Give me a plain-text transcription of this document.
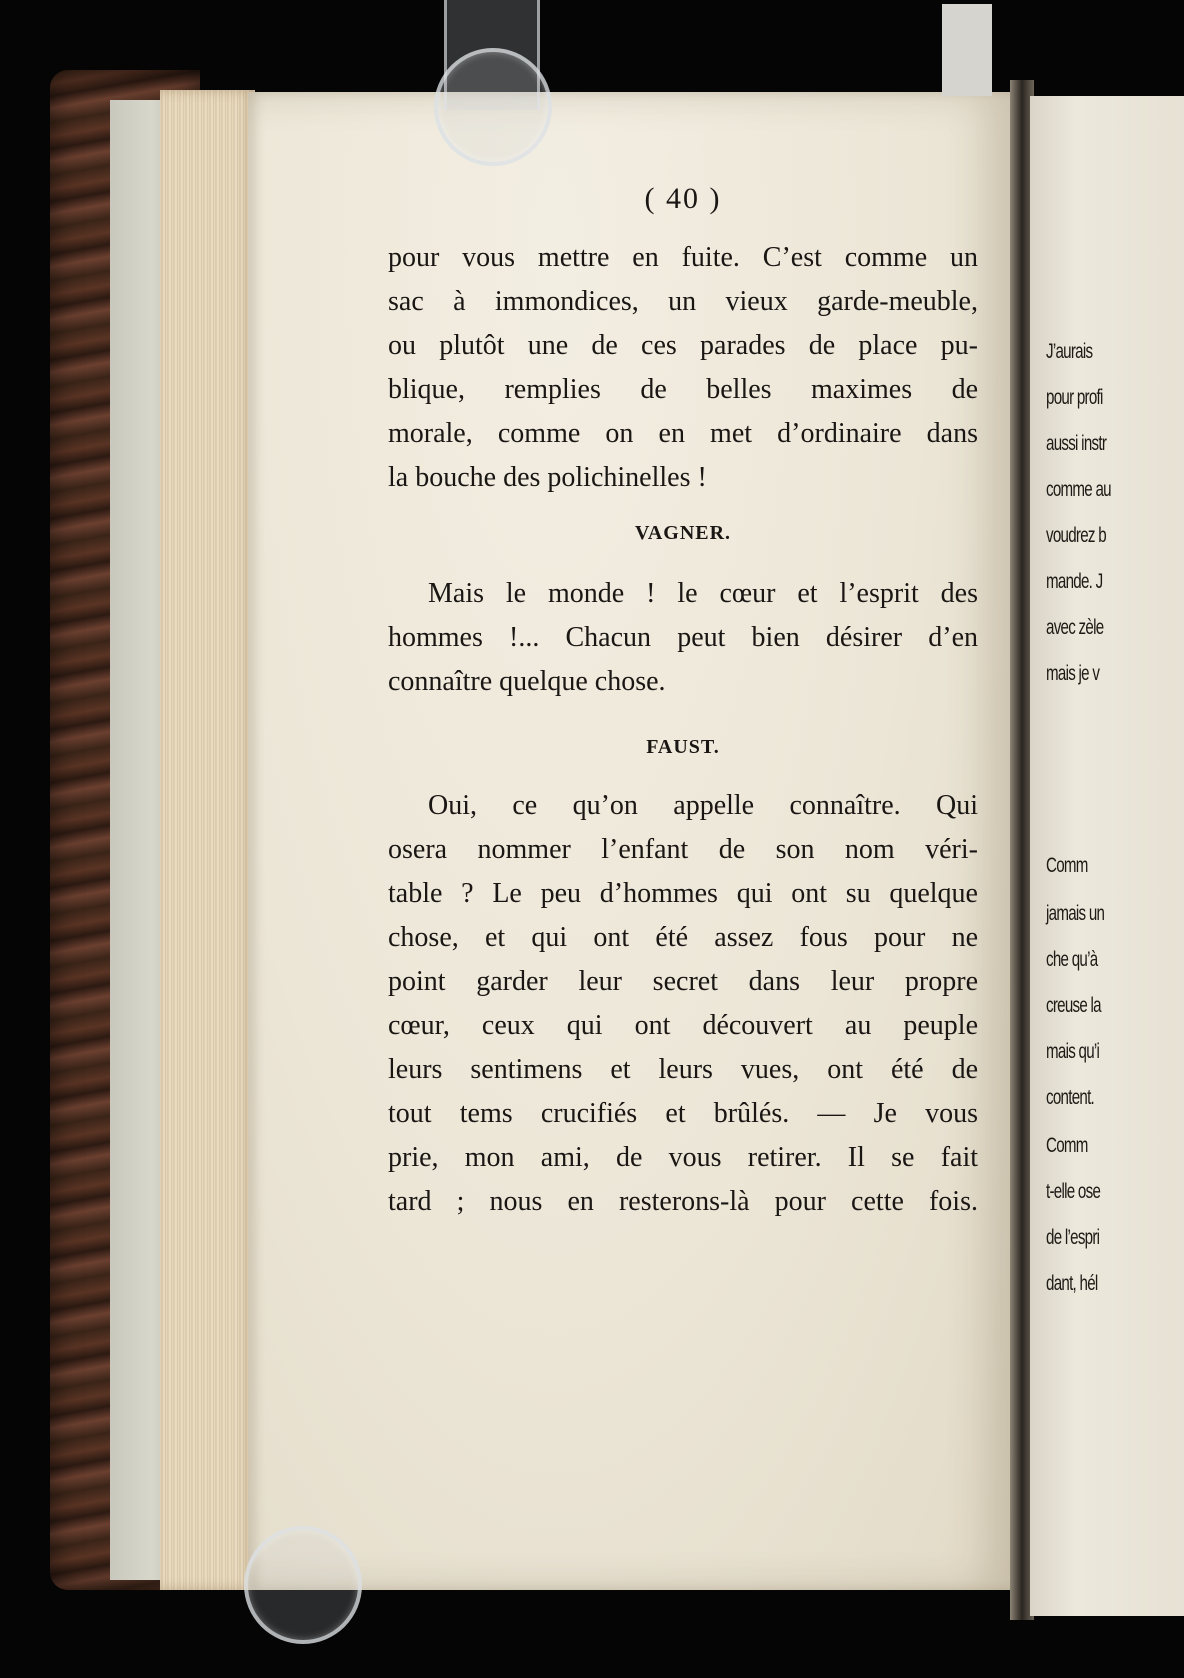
J’aurais
pour profi
aussi instr
comme au
voudrez b
mande. J
avec zèle
mais je v
Comm
jamais un
che qu’à
creuse la
mais qu’i
content.
Comm
t-elle ose
de l’espri
dant, hél
( 40 )
pour vous mettre en fuite. C’est comme un
sac à immondices, un vieux garde-meuble,
ou plutôt une de ces parades de place pu-
blique, remplies de belles maximes de
morale, comme on en met d’ordinaire dans
la bouche des polichinelles !
VAGNER.
Mais le monde ! le cœur et l’esprit des
hommes !... Chacun peut bien désirer d’en
connaître quelque chose.
FAUST.
Oui, ce qu’on appelle connaître. Qui
osera nommer l’enfant de son nom véri-
table ? Le peu d’hommes qui ont su quelque
chose, et qui ont été assez fous pour ne
point garder leur secret dans leur propre
cœur, ceux qui ont découvert au peuple
leurs sentimens et leurs vues, ont été de
tout tems crucifiés et brûlés. — Je vous
prie, mon ami, de vous retirer. Il se fait
tard ; nous en resterons-là pour cette fois.
